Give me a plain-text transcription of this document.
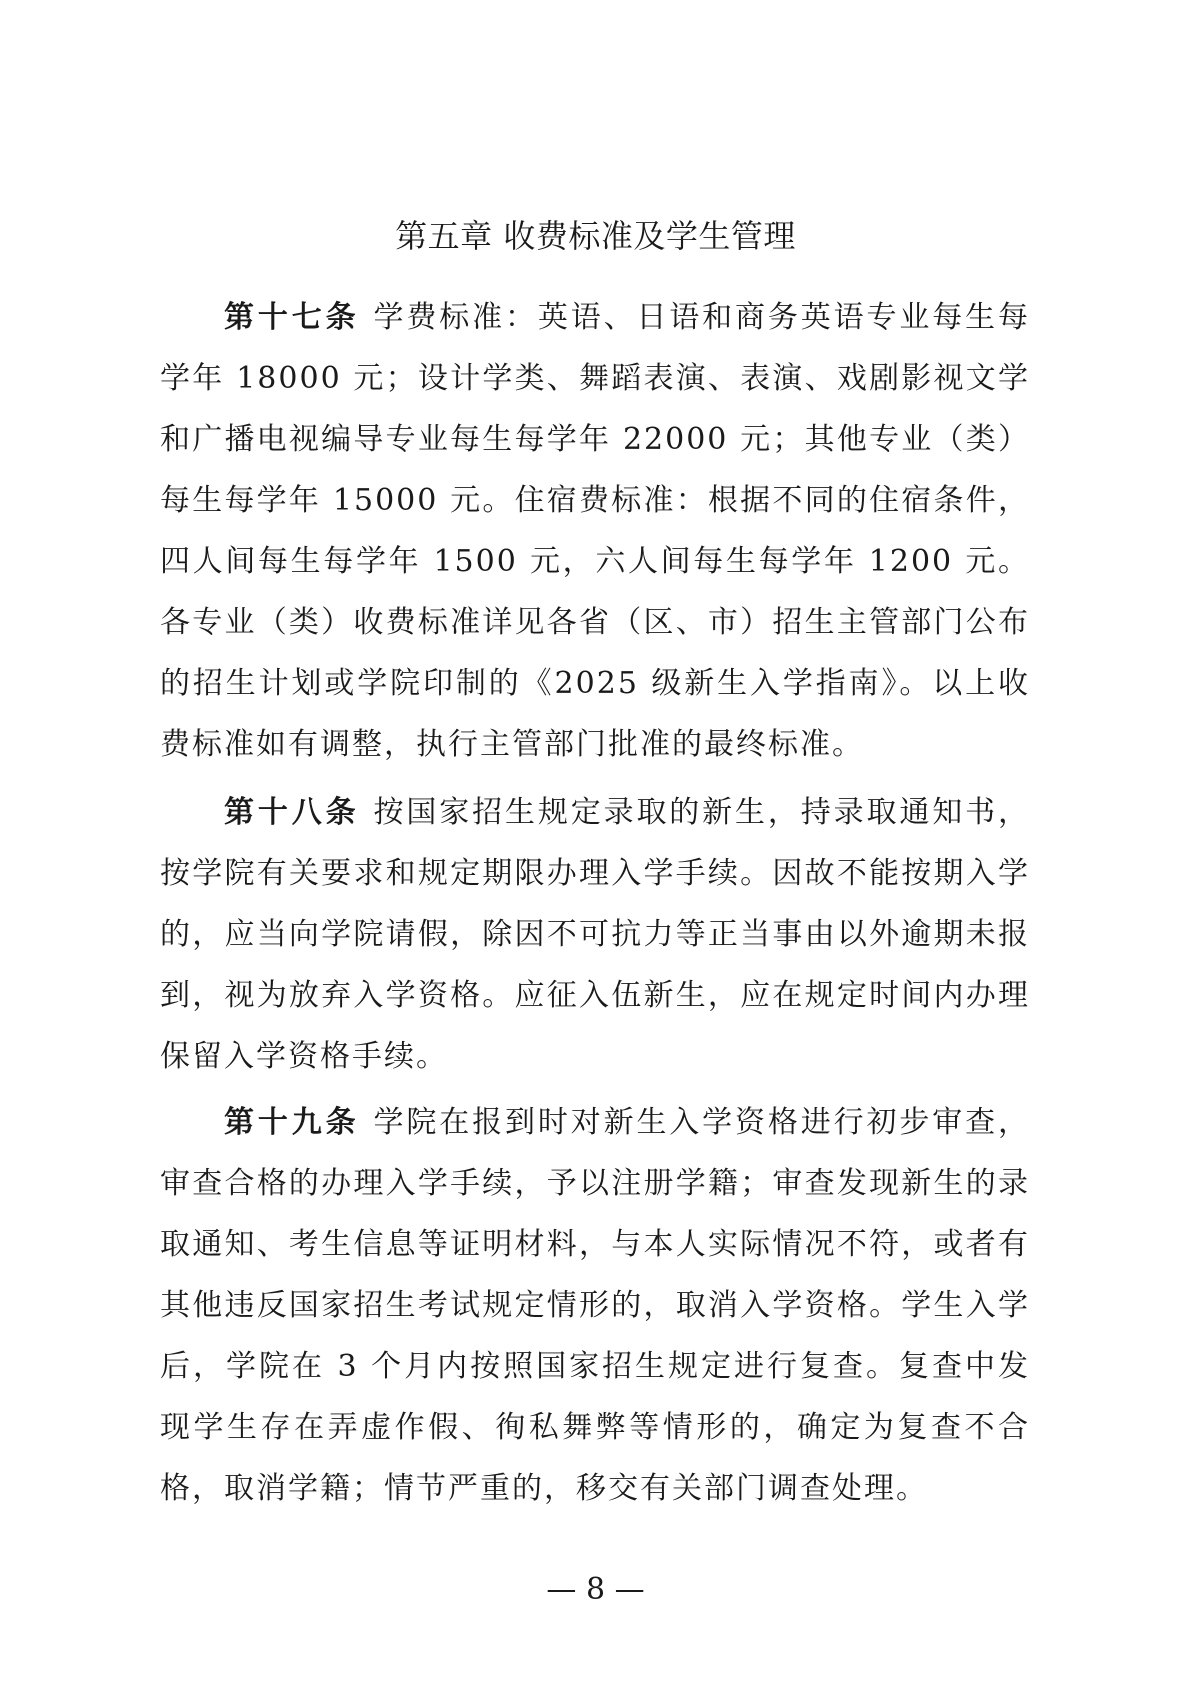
第五章 收费标准及学生管理

第十七条 学费标准：英语、日语和商务英语专业每生每学年 18000 元；设计学类、舞蹈表演、表演、戏剧影视文学和广播电视编导专业每生每学年 22000 元；其他专业（类）每生每学年 15000 元。住宿费标准：根据不同的住宿条件，四人间每生每学年 1500 元，六人间每生每学年 1200 元。各专业（类）收费标准详见各省（区、市）招生主管部门公布的招生计划或学院印制的《2025 级新生入学指南》。以上收费标准如有调整，执行主管部门批准的最终标准。

第十八条 按国家招生规定录取的新生，持录取通知书，按学院有关要求和规定期限办理入学手续。因故不能按期入学的，应当向学院请假，除因不可抗力等正当事由以外逾期未报到，视为放弃入学资格。应征入伍新生，应在规定时间内办理保留入学资格手续。

第十九条 学院在报到时对新生入学资格进行初步审查，审查合格的办理入学手续，予以注册学籍；审查发现新生的录取通知、考生信息等证明材料，与本人实际情况不符，或者有其他违反国家招生考试规定情形的，取消入学资格。学生入学后，学院在 3 个月内按照国家招生规定进行复查。复查中发现学生存在弄虚作假、徇私舞弊等情形的，确定为复查不合格，取消学籍；情节严重的，移交有关部门调查处理。

— 8 —
